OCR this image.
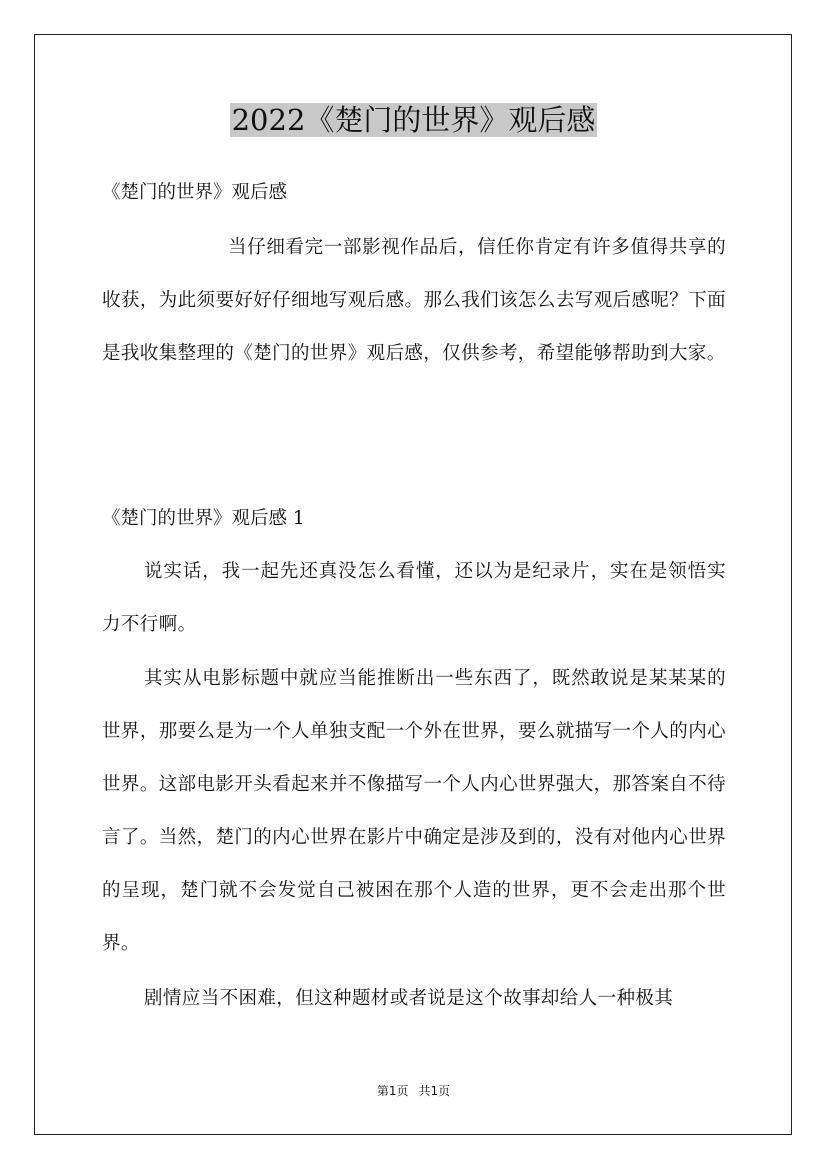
2022《楚门的世界》观后感

《楚门的世界》观后感

当仔细看完一部影视作品后，信任你肯定有许多值得共享的收获，为此须要好好仔细地写观后感。那么我们该怎么去写观后感呢？下面是我收集整理的《楚门的世界》观后感，仅供参考，希望能够帮助到大家。

《楚门的世界》观后感 1

说实话，我一起先还真没怎么看懂，还以为是纪录片，实在是领悟实力不行啊。

其实从电影标题中就应当能推断出一些东西了，既然敢说是某某某的世界，那要么是为一个人单独支配一个外在世界，要么就描写一个人的内心世界。这部电影开头看起来并不像描写一个人内心世界强大，那答案自不待言了。当然，楚门的内心世界在影片中确定是涉及到的，没有对他内心世界的呈现，楚门就不会发觉自己被困在那个人造的世界，更不会走出那个世界。

剧情应当不困难，但这种题材或者说是这个故事却给人一种极其

第1页 共1页
